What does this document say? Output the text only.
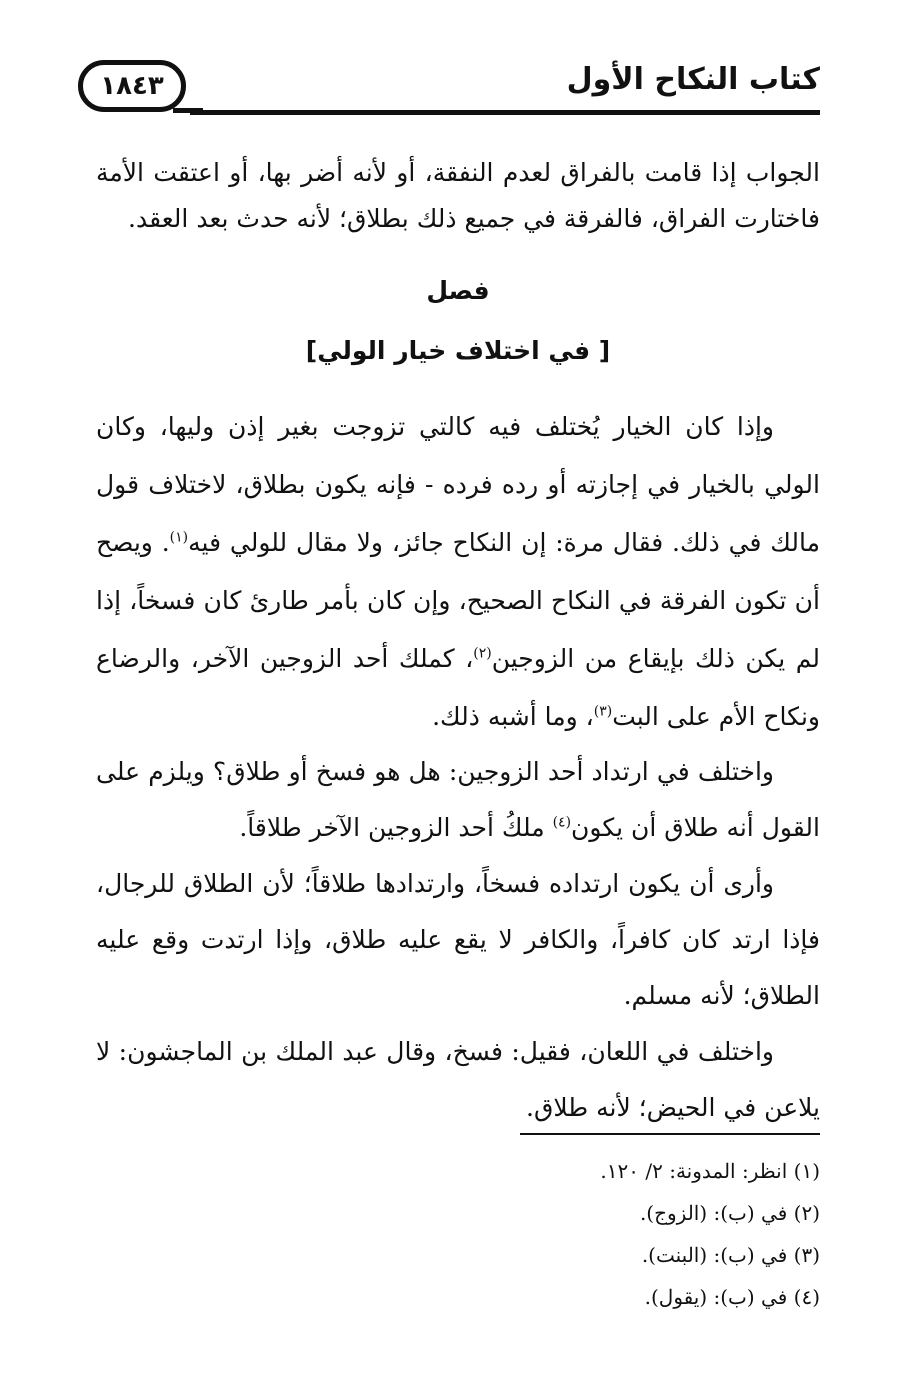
١٨٤٣	كتاب النكاح الأول

الجواب إذا قامت بالفراق لعدم النفقة، أو لأنه أضر بها، أو اعتقت الأمة فاختارت الفراق، فالفرقة في جميع ذلك بطلاق؛ لأنه حدث بعد العقد.

فصل
[ في اختلاف خيار الولي]

وإذا كان الخيار يُختلف فيه كالتي تزوجت بغير إذن وليها، وكان الولي بالخيار في إجازته أو رده فرده - فإنه يكون بطلاق، لاختلاف قول مالك في ذلك. فقال مرة: إن النكاح جائز، ولا مقال للولي فيه$^{(١)}$. ويصح أن تكون الفرقة في النكاح الصحيح، وإن كان بأمر طارئ كان فسخاً، إذا لم يكن ذلك بإيقاع من الزوجين$^{(٢)}$، كملك أحد الزوجين الآخر، والرضاع ونكاح الأم على البت$^{(٣)}$، وما أشبه ذلك.

واختلف في ارتداد أحد الزوجين: هل هو فسخ أو طلاق؟ ويلزم على القول أنه طلاق أن يكون$^{(٤)}$ ملكُ أحد الزوجين الآخر طلاقاً.

وأرى أن يكون ارتداده فسخاً، وارتدادها طلاقاً؛ لأن الطلاق للرجال، فإذا ارتد كان كافراً، والكافر لا يقع عليه طلاق، وإذا ارتدت وقع عليه الطلاق؛ لأنه مسلم.

واختلف في اللعان، فقيل: فسخ، وقال عبد الملك بن الماجشون: لا يلاعن في الحيض؛ لأنه طلاق.

(١) انظر: المدونة: ٢/ ١٢٠.

(٢) في (ب): (الزوج).

(٣) في (ب): (البنت).

(٤) في (ب): (يقول).
